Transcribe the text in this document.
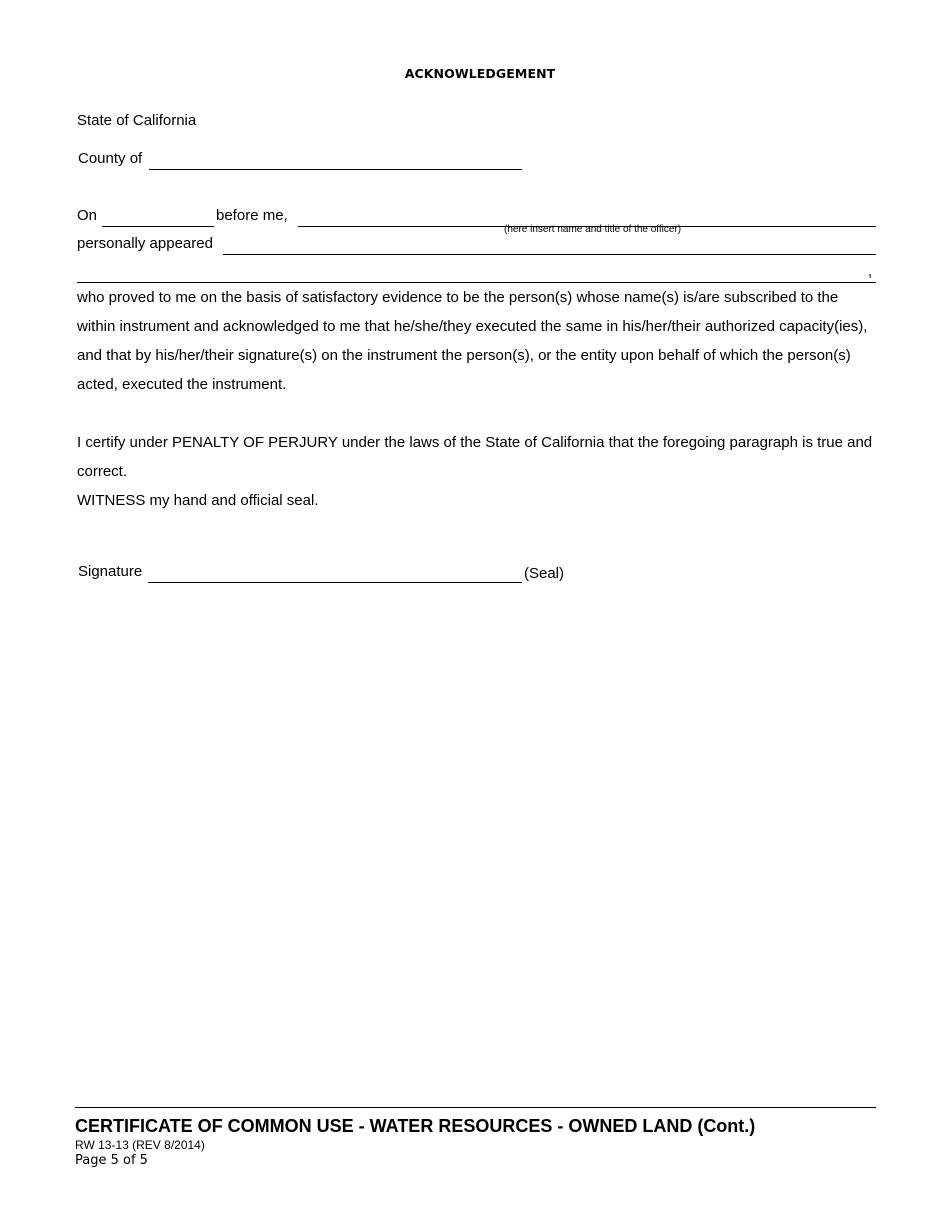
ACKNOWLEDGEMENT
State of California
County of
On	before me,
(here insert name and title of the officer)
personally appeared
,

who proved to me on the basis of satisfactory evidence to be the person(s) whose name(s) is/are subscribed to the within instrument and acknowledged to me that he/she/they executed the same in his/her/their authorized capacity(ies), and that by his/her/their signature(s) on the instrument the person(s), or the entity upon behalf of which the person(s) acted, executed the instrument.

I certify under PENALTY OF PERJURY under the laws of the State of California that the foregoing paragraph is true and correct.

WITNESS my hand and official seal.

Signature	(Seal)
CERTIFICATE OF COMMON USE - WATER RESOURCES - OWNED LAND (Cont.)
RW 13-13 (REV 8/2014)
Page 5 of 5
